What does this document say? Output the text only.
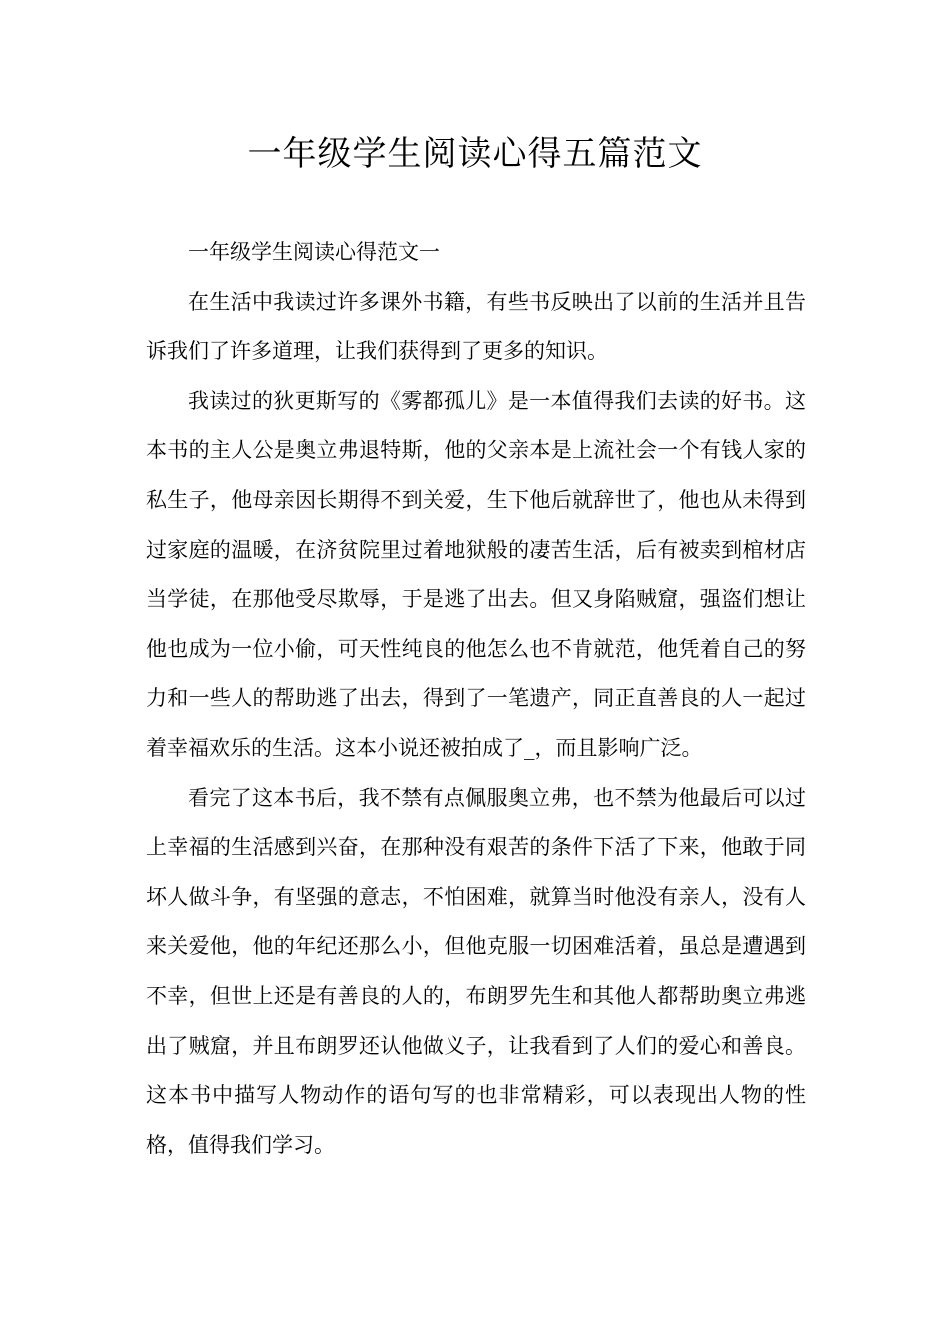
一年级学生阅读心得五篇范文

一年级学生阅读心得范文一

在生活中我读过许多课外书籍，有些书反映出了以前的生活并且告诉我们了许多道理，让我们获得到了更多的知识。

我读过的狄更斯写的《雾都孤儿》是一本值得我们去读的好书。这本书的主人公是奥立弗退特斯，他的父亲本是上流社会一个有钱人家的私生子，他母亲因长期得不到关爱，生下他后就辞世了，他也从未得到过家庭的温暖，在济贫院里过着地狱般的凄苦生活，后有被卖到棺材店当学徒，在那他受尽欺辱，于是逃了出去。但又身陷贼窟，强盗们想让他也成为一位小偷，可天性纯良的他怎么也不肯就范，他凭着自己的努力和一些人的帮助逃了出去，得到了一笔遗产，同正直善良的人一起过着幸福欢乐的生活。这本小说还被拍成了_，而且影响广泛。

看完了这本书后，我不禁有点佩服奥立弗，也不禁为他最后可以过上幸福的生活感到兴奋，在那种没有艰苦的条件下活了下来，他敢于同坏人做斗争，有坚强的意志，不怕困难，就算当时他没有亲人，没有人来关爱他，他的年纪还那么小，但他克服一切困难活着，虽总是遭遇到不幸，但世上还是有善良的人的，布朗罗先生和其他人都帮助奥立弗逃出了贼窟，并且布朗罗还认他做义子，让我看到了人们的爱心和善良。这本书中描写人物动作的语句写的也非常精彩，可以表现出人物的性格，值得我们学习。
